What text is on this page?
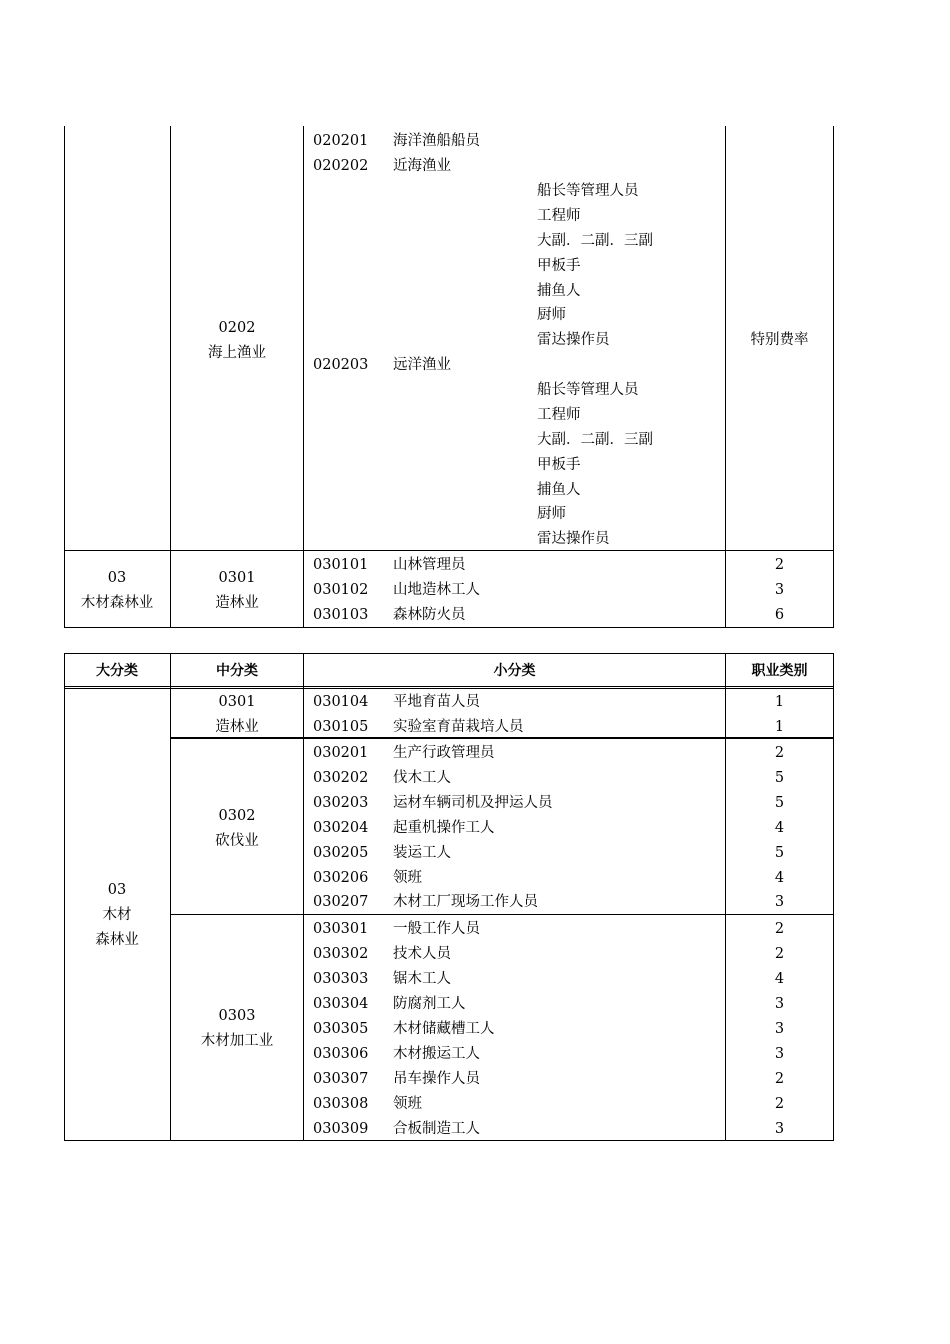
0202
海上渔业
020201 海洋渔船船员
020202 近海渔业
船长等管理人员
工程师
大副．二副．三副
甲板手
捕鱼人
厨师
雷达操作员
020203 远洋渔业
船长等管理人员
工程师
大副．二副．三副
甲板手
捕鱼人
厨师
雷达操作员
特别费率
03
木材森林业
0301
造林业
030101 山林管理员	2
030102 山地造林工人	3
030103 森林防火员	6
大分类	中分类	小分类	职业类别
03
木材
森林业
0301
造林业
030104 平地育苗人员	1
030105 实验室育苗栽培人员	1
0302
砍伐业
030201 生产行政管理员	2
030202 伐木工人	5
030203 运材车辆司机及押运人员	5
030204 起重机操作工人	4
030205 装运工人	5
030206 领班	4
030207 木材工厂现场工作人员	3
0303
木材加工业
030301 一般工作人员	2
030302 技术人员	2
030303 锯木工人	4
030304 防腐剂工人	3
030305 木材储藏槽工人	3
030306 木材搬运工人	3
030307 吊车操作人员	2
030308 领班	2
030309 合板制造工人	3
